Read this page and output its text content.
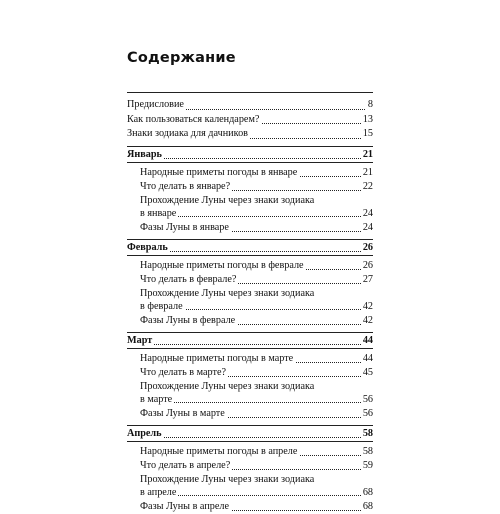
Содержание
Предисловие	8
Как пользоваться календарем?	13
Знаки зодиака для дачников	15
Январь	21
Народные приметы погоды в январе	21
Что делать в январе?	22
Прохождение Луны через знаки зодиака
в январе	24
Фазы Луны в январе	24
Февраль	26
Народные приметы погоды в феврале	26
Что делать в феврале?	27
Прохождение Луны через знаки зодиака
в феврале	42
Фазы Луны в феврале	42
Март	44
Народные приметы погоды в марте	44
Что делать в марте?	45
Прохождение Луны через знаки зодиака
в марте	56
Фазы Луны в марте	56
Апрель	58
Народные приметы погоды в апреле	58
Что делать в апреле?	59
Прохождение Луны через знаки зодиака
в апреле	68
Фазы Луны в апреле	68
